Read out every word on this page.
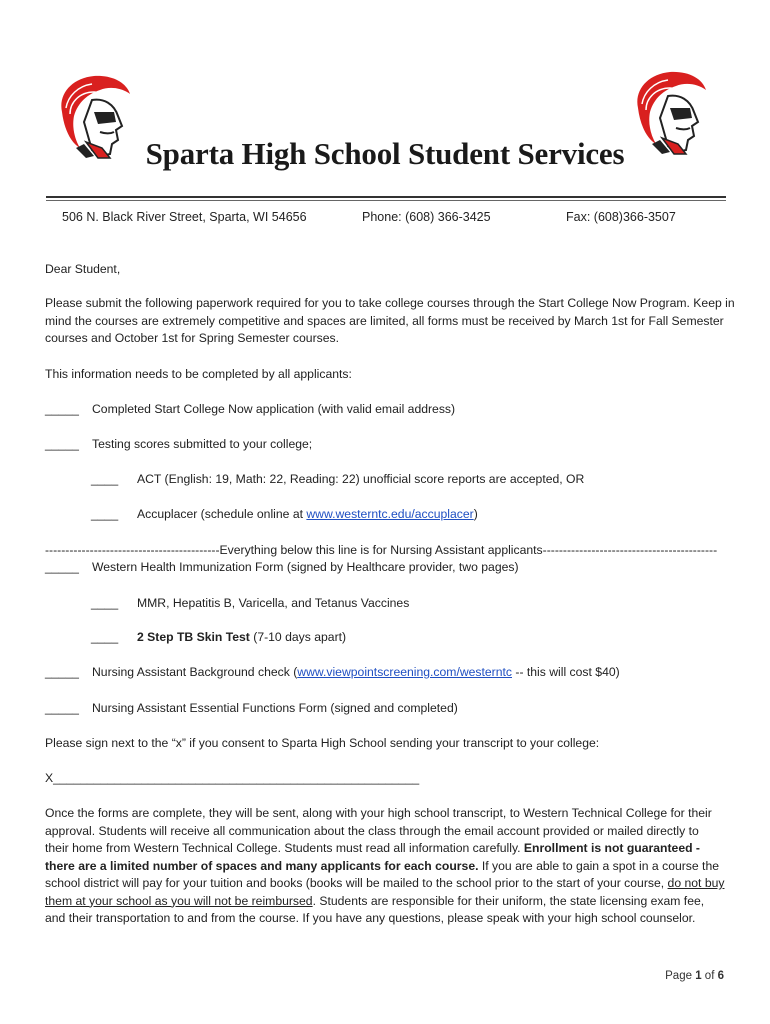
Sparta High School Student Services
506 N. Black River Street, Sparta, WI 54656	Phone: (608) 366-3425	Fax: (608)366-3507
Dear Student,
Please submit the following paperwork required for you to take college courses through the Start College Now Program. Keep in mind the courses are extremely competitive and spaces are limited, all forms must be received by March 1st for Fall Semester courses and October 1st for Spring Semester courses.
This information needs to be completed by all applicants:
_____ Completed Start College Now application (with valid email address)
_____ Testing scores submitted to your college;
____ ACT (English: 19, Math: 22, Reading: 22) unofficial score reports are accepted, OR
____ Accuplacer (schedule online at www.westerntc.edu/accuplacer)
-------------------------------------------Everything below this line is for Nursing Assistant applicants-------------------------------------------
_____ Western Health Immunization Form (signed by Healthcare provider, two pages)
____ MMR, Hepatitis B, Varicella, and Tetanus Vaccines
____ 2 Step TB Skin Test (7-10 days apart)
_____ Nursing Assistant Background check (www.viewpointscreening.com/westerntc -- this will cost $40)
_____ Nursing Assistant Essential Functions Form (signed and completed)
Please sign next to the “x” if you consent to Sparta High School sending your transcript to your college:
X______________________________________________________
Once the forms are complete, they will be sent, along with your high school transcript, to Western Technical College for their approval. Students will receive all communication about the class through the email account provided or mailed directly to their home from Western Technical College. Students must read all information carefully. Enrollment is not guaranteed - there are a limited number of spaces and many applicants for each course. If you are able to gain a spot in a course the school district will pay for your tuition and books (books will be mailed to the school prior to the start of your course, do not buy them at your school as you will not be reimbursed. Students are responsible for their uniform, the state licensing exam fee, and their transportation to and from the course. If you have any questions, please speak with your high school counselor.
Page 1 of 6
